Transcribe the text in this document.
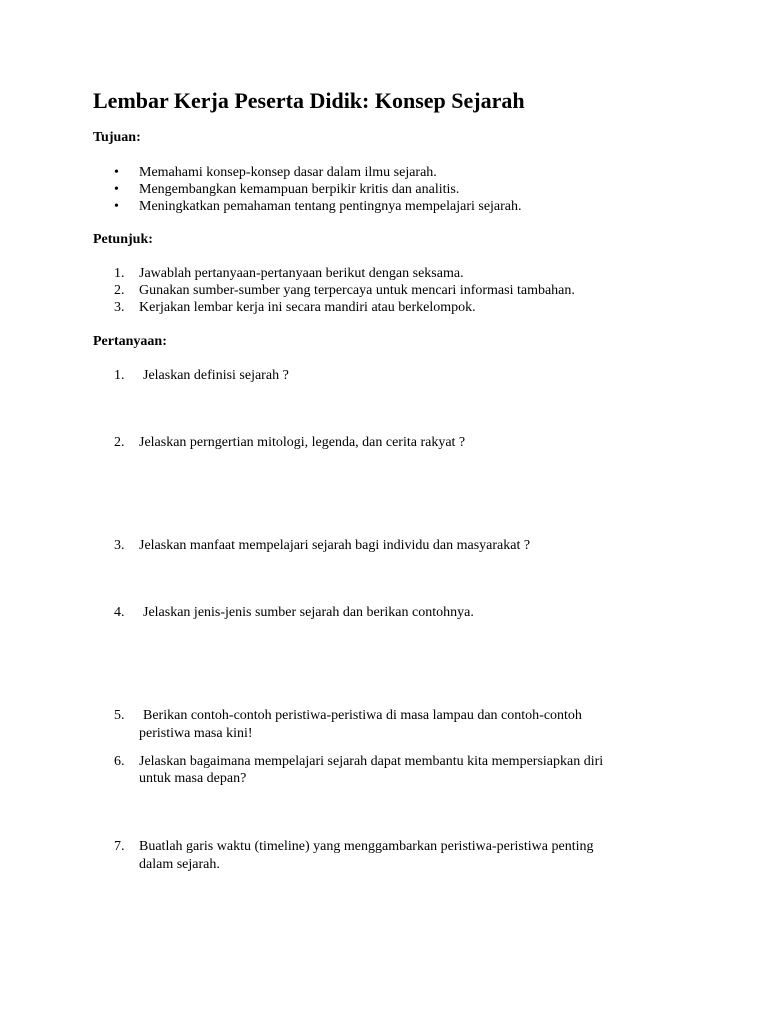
Lembar Kerja Peserta Didik: Konsep Sejarah
Tujuan:
• Memahami konsep-konsep dasar dalam ilmu sejarah.
• Mengembangkan kemampuan berpikir kritis dan analitis.
• Meningkatkan pemahaman tentang pentingnya mempelajari sejarah.
Petunjuk:
1. Jawablah pertanyaan-pertanyaan berikut dengan seksama.
2. Gunakan sumber-sumber yang terpercaya untuk mencari informasi tambahan.
3. Kerjakan lembar kerja ini secara mandiri atau berkelompok.
Pertanyaan:
1. Jelaskan definisi sejarah ?
2. Jelaskan perngertian mitologi, legenda, dan cerita rakyat ?
3. Jelaskan manfaat mempelajari sejarah bagi individu dan masyarakat ?
4. Jelaskan jenis-jenis sumber sejarah dan berikan contohnya.
5. Berikan contoh-contoh peristiwa-peristiwa di masa lampau dan contoh-contoh
peristiwa masa kini!
6. Jelaskan bagaimana mempelajari sejarah dapat membantu kita mempersiapkan diri
untuk masa depan?
7. Buatlah garis waktu (timeline) yang menggambarkan peristiwa-peristiwa penting
dalam sejarah.
